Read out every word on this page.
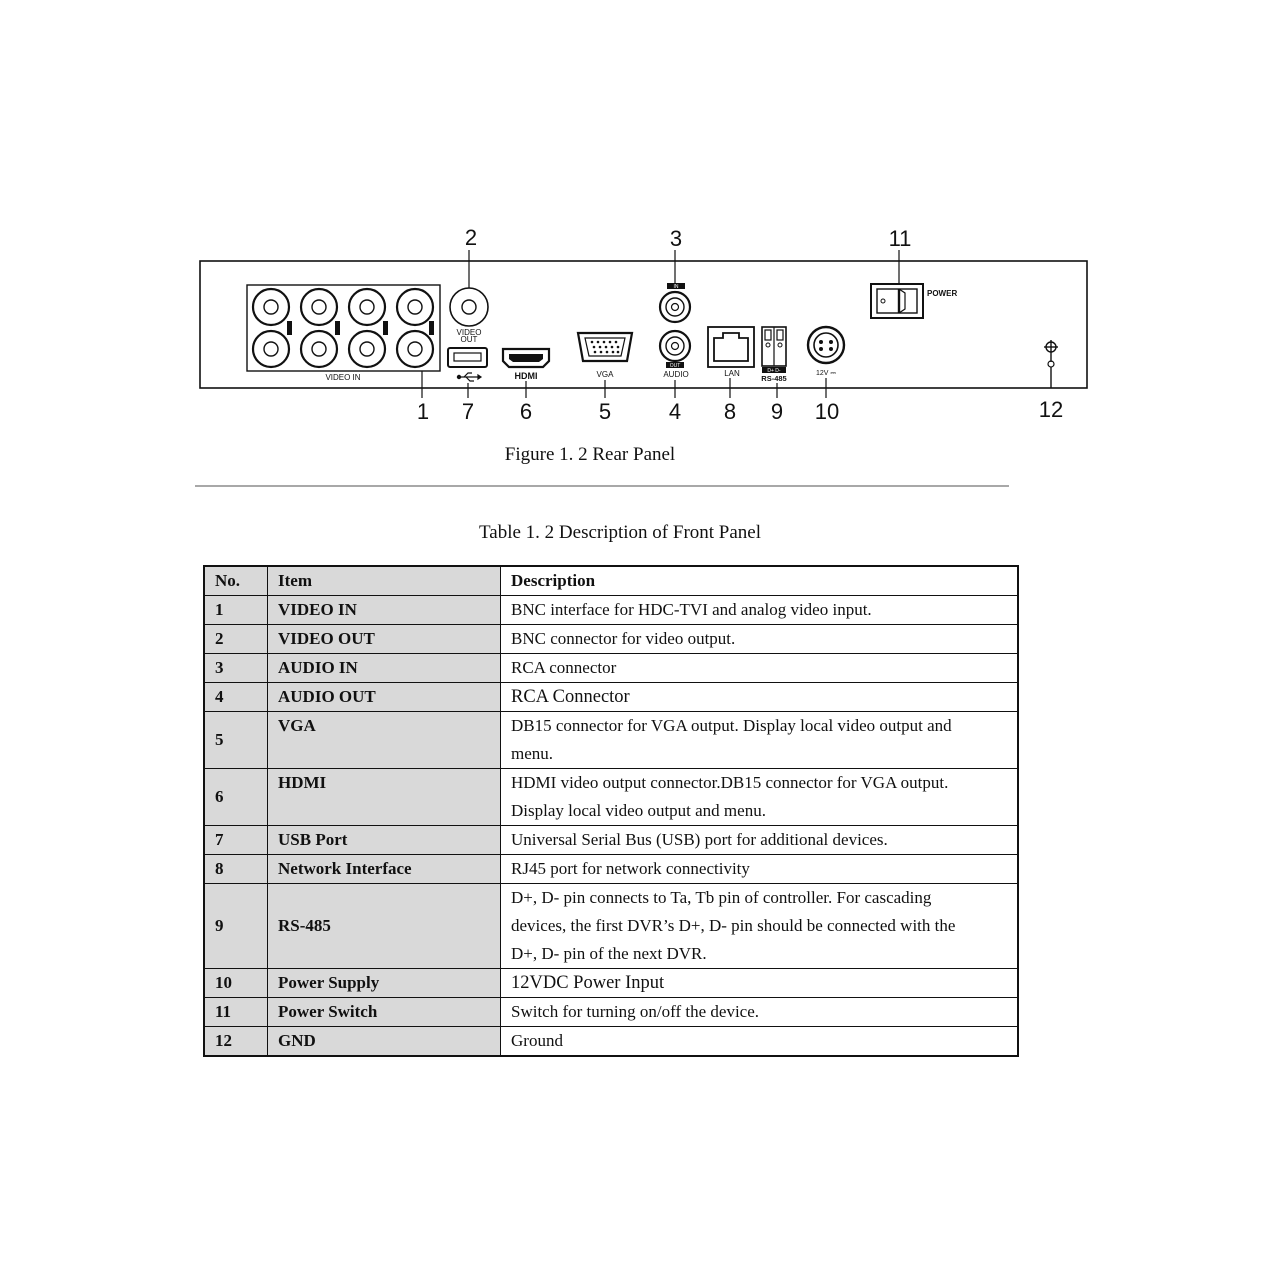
VIDEO IN
VIDEO
OUT
HDMI	VGA
IN
OUT
AUDIO	LAN	D+ D-
RS-485
12V ⎓
POWER
2	3	11
1 7 6	5	4 8 9 10	12
Figure 1. 2 Rear Panel
Table 1. 2 Description of Front Panel
No.	Item	Description
1	VIDEO IN	BNC interface for HDC-TVI and analog video input.

2	VIDEO OUT	BNC connector for video output.

3	AUDIO IN	RCA connector

4	AUDIO OUT	RCA Connector

5	VGA	DB15 connector for VGA output. Display local video output and
menu.

6	HDMI	HDMI video output connector.DB15 connector for VGA output.
Display local video output and menu.

7	USB Port	Universal Serial Bus (USB) port for additional devices.

8	Network Interface	RJ45 port for network connectivity

9	RS-485	D+, D- pin connects to Ta, Tb pin of controller. For cascading
devices, the first DVR’s D+, D- pin should be connected with the
D+, D- pin of the next DVR.

10	Power Supply	12VDC Power Input

11	Power Switch	Switch for turning on/off the device.

12	GND	Ground
